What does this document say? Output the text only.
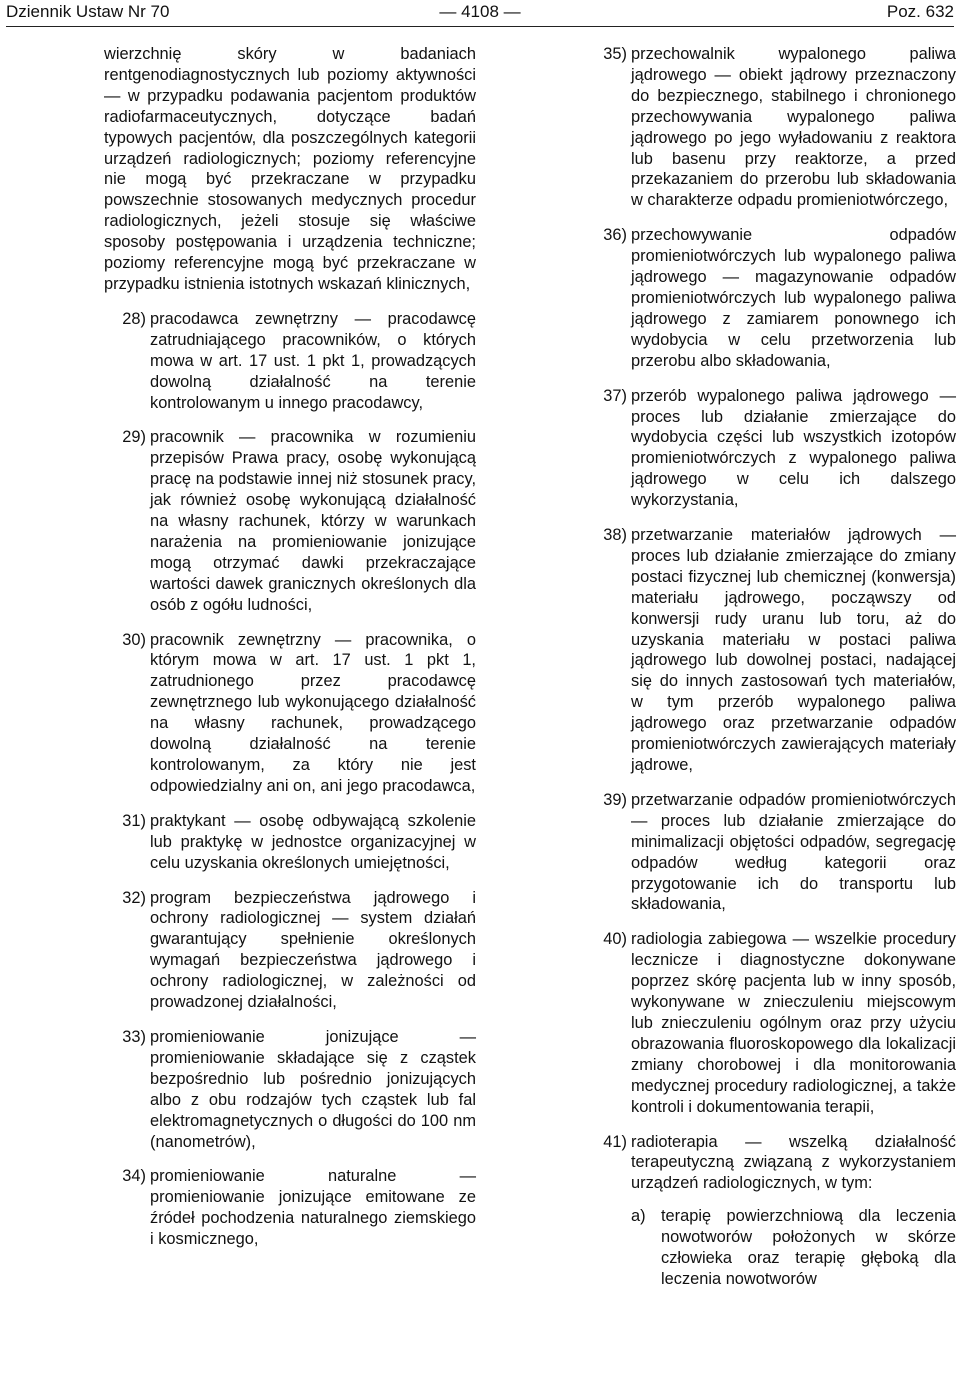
Dziennik Ustaw Nr 70	— 4108 —	Poz. 632

wierzchnię skóry w badaniach rentgenodiagnostycznych lub poziomy aktywności — w przypadku podawania pacjentom produktów radiofarmaceutycznych, dotyczące badań typowych pacjentów, dla poszczególnych kategorii urządzeń radiologicznych; poziomy referencyjne nie mogą być przekraczane w przypadku powszechnie stosowanych medycznych procedur radiologicznych, jeżeli stosuje się właściwe sposoby postępowania i urządzenia techniczne; poziomy referencyjne mogą być przekraczane w przypadku istnienia istotnych wskazań klinicznych,

28) pracodawca zewnętrzny — pracodawcę zatrudniającego pracowników, o których mowa w art. 17 ust. 1 pkt 1, prowadzących dowolną działalność na terenie kontrolowanym u innego pracodawcy,

29) pracownik — pracownika w rozumieniu przepisów Prawa pracy, osobę wykonującą pracę na podstawie innej niż stosunek pracy, jak również osobę wykonującą działalność na własny rachunek, którzy w warunkach narażenia na promieniowanie jonizujące mogą otrzymać dawki przekraczające wartości dawek granicznych określonych dla osób z ogółu ludności,

30) pracownik zewnętrzny — pracownika, o którym mowa w art. 17 ust. 1 pkt 1, zatrudnionego przez pracodawcę zewnętrznego lub wykonującego działalność na własny rachunek, prowadzącego dowolną działalność na terenie kontrolowanym, za który nie jest odpowiedzialny ani on, ani jego pracodawca,

31) praktykant — osobę odbywającą szkolenie lub praktykę w jednostce organizacyjnej w celu uzyskania określonych umiejętności,

32) program bezpieczeństwa jądrowego i ochrony radiologicznej — system działań gwarantujący spełnienie określonych wymagań bezpieczeństwa jądrowego i ochrony radiologicznej, w zależności od prowadzonej działalności,

33) promieniowanie jonizujące — promieniowanie składające się z cząstek bezpośrednio lub pośrednio jonizujących albo z obu rodzajów tych cząstek lub fal elektromagnetycznych o długości do 100 nm (nanometrów),

34) promieniowanie naturalne — promieniowanie jonizujące emitowane ze źródeł pochodzenia naturalnego ziemskiego i kosmicznego,

35) przechowalnik wypalonego paliwa jądrowego — obiekt jądrowy przeznaczony do bezpiecznego, stabilnego i chronionego przechowywania wypalonego paliwa jądrowego po jego wyładowaniu z reaktora lub basenu przy reaktorze, a przed przekazaniem do przerobu lub składowania w charakterze odpadu promieniotwórczego,

36) przechowywanie odpadów promieniotwórczych lub wypalonego paliwa jądrowego — magazynowanie odpadów promieniotwórczych lub wypalonego paliwa jądrowego z zamiarem ponownego ich wydobycia w celu przetworzenia lub przerobu albo składowania,

37) przerób wypalonego paliwa jądrowego — proces lub działanie zmierzające do wydobycia części lub wszystkich izotopów promieniotwórczych z wypalonego paliwa jądrowego w celu ich dalszego wykorzystania,

38) przetwarzanie materiałów jądrowych — proces lub działanie zmierzające do zmiany postaci fizycznej lub chemicznej (konwersja) materiału jądrowego, począwszy od konwersji rudy uranu lub toru, aż do uzyskania materiału w postaci paliwa jądrowego lub dowolnej postaci, nadającej się do innych zastosowań tych materiałów, w tym przerób wypalonego paliwa jądrowego oraz przetwarzanie odpadów promieniotwórczych zawierających materiały jądrowe,

39) przetwarzanie odpadów promieniotwórczych — proces lub działanie zmierzające do minimalizacji objętości odpadów, segregację odpadów według kategorii oraz przygotowanie ich do transportu lub składowania,

40) radiologia zabiegowa — wszelkie procedury lecznicze i diagnostyczne dokonywane poprzez skórę pacjenta lub w inny sposób, wykonywane w znieczuleniu miejscowym lub znieczuleniu ogólnym oraz przy użyciu obrazowania fluoroskopowego dla lokalizacji zmiany chorobowej i dla monitorowania medycznej procedury radiologicznej, a także kontroli i dokumentowania terapii,

41) radioterapia — wszelką działalność terapeutyczną związaną z wykorzystaniem urządzeń radiologicznych, w tym:

a) terapię powierzchniową dla leczenia nowotworów położonych w skórze człowieka oraz terapię głęboką dla leczenia nowotworów
